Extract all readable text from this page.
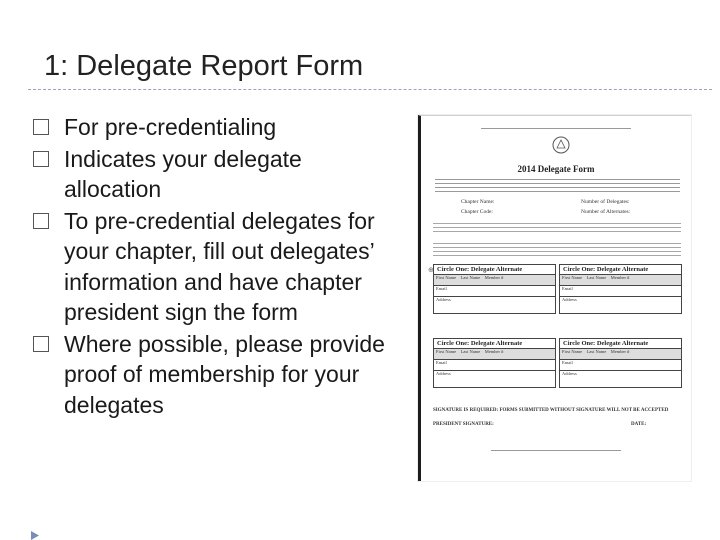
1: Delegate Report Form
For pre-credentialing
Indicates your delegate allocation
To pre-credential delegates for your chapter, fill out delegates’ information and have chapter president sign the form
Where possible, please provide proof of membership for your delegates
2014 Delegate Form
Chapter Name:	Number of Delegates:
Chapter Code:	Number of Alternates:
⊕ Circle One: Delegate Alternate
First Name Last Name Member #
Email
Address
Circle One: Delegate Alternate
First Name Last Name Member #
Email
Address
Circle One: Delegate Alternate
First Name Last Name Member #
Email
Address
Circle One: Delegate Alternate
First Name Last Name Member #
Email
Address
SIGNATURE IS REQUIRED: FORMS SUBMITTED WITHOUT SIGNATURE WILL NOT BE ACCEPTED
PRESIDENT SIGNATURE:	DATE:
